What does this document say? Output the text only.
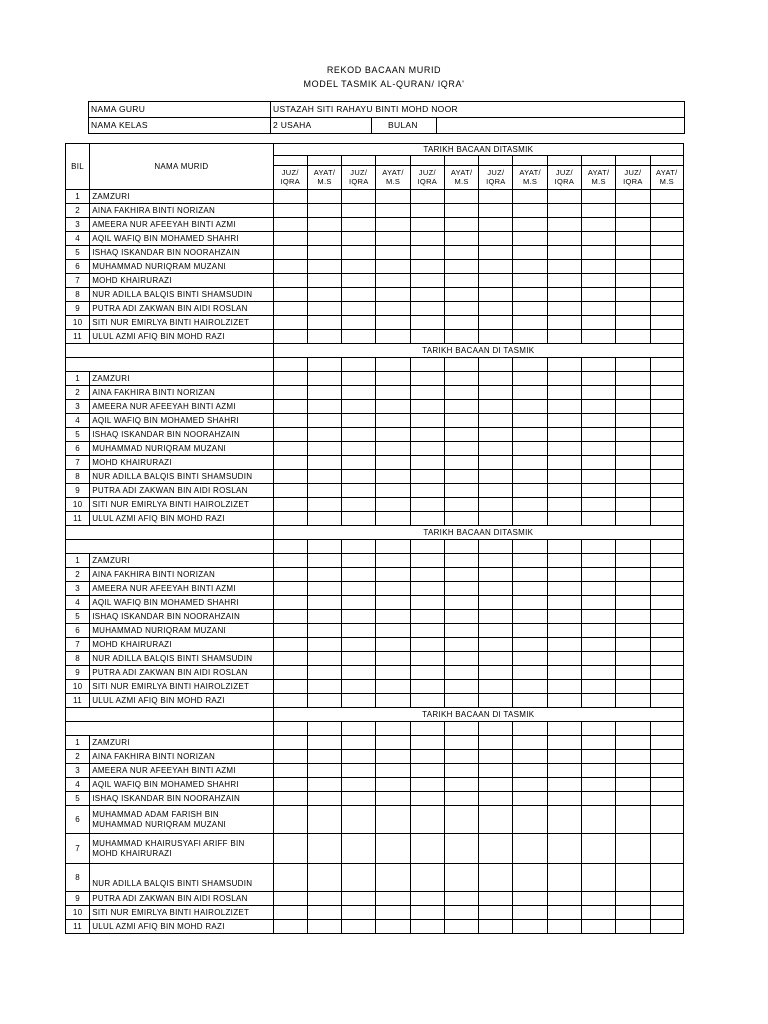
REKOD BACAAN MURID
MODEL TASMIK AL-QURAN/ IQRA'
NAMA GURU	USTAZAH SITI RAHAYU BINTI MOHD NOOR		
NAMA KELAS	2 USAHA	BULAN	
BIL	NAMA MURID	TARIKH BACAAN DITASMIK											

		JUZ/ IQRA	AYAT/ M.S	JUZ/ IQRA	AYAT/ M.S	JUZ/ IQRA	AYAT/ M.S	JUZ/ IQRA	AYAT/ M.S	JUZ/ IQRA	AYAT/ M.S	JUZ/ IQRA	AYAT/ M.S
1	ZAMZURI												
2	AINA FAKHIRA BINTI NORIZAN												
3	AMEERA NUR AFEEYAH BINTI AZMI												
4	AQIL WAFIQ BIN MOHAMED SHAHRI												
5	ISHAQ ISKANDAR BIN NOORAHZAIN												
6	MUHAMMAD NURIQRAM MUZANI												
7	MOHD KHAIRURAZI												
8	NUR ADILLA BALQIS BINTI SHAMSUDIN												
9	PUTRA ADI ZAKWAN BIN AIDI ROSLAN												
10	SITI NUR EMIRLYA BINTI HAIROLZIZET												
11	ULUL AZMI AFIQ BIN MOHD RAZI												
		TARIKH BACAAN DI TASMIK											

1	ZAMZURI												
2	AINA FAKHIRA BINTI NORIZAN												
3	AMEERA NUR AFEEYAH BINTI AZMI												
4	AQIL WAFIQ BIN MOHAMED SHAHRI												
5	ISHAQ ISKANDAR BIN NOORAHZAIN												
6	MUHAMMAD NURIQRAM MUZANI												
7	MOHD KHAIRURAZI												
8	NUR ADILLA BALQIS BINTI SHAMSUDIN												
9	PUTRA ADI ZAKWAN BIN AIDI ROSLAN												
10	SITI NUR EMIRLYA BINTI HAIROLZIZET												
11	ULUL AZMI AFIQ BIN MOHD RAZI												
		TARIKH BACAAN DITASMIK											

1	ZAMZURI												
2	AINA FAKHIRA BINTI NORIZAN												
3	AMEERA NUR AFEEYAH BINTI AZMI												
4	AQIL WAFIQ BIN MOHAMED SHAHRI												
5	ISHAQ ISKANDAR BIN NOORAHZAIN												
6	MUHAMMAD NURIQRAM MUZANI												
7	MOHD KHAIRURAZI												
8	NUR ADILLA BALQIS BINTI SHAMSUDIN												
9	PUTRA ADI ZAKWAN BIN AIDI ROSLAN												
10	SITI NUR EMIRLYA BINTI HAIROLZIZET												
11	ULUL AZMI AFIQ BIN MOHD RAZI												
		TARIKH BACAAN DI TASMIK											

1	ZAMZURI												
2	AINA FAKHIRA BINTI NORIZAN												
3	AMEERA NUR AFEEYAH BINTI AZMI												
4	AQIL WAFIQ BIN MOHAMED SHAHRI												
5	ISHAQ ISKANDAR BIN NOORAHZAIN												
6	MUHAMMAD ADAM FARISH BIN MUHAMMAD NURIQRAM MUZANI												
7	MUHAMMAD KHAIRUSYAFI ARIFF BIN MOHD KHAIRURAZI												
8	NUR ADILLA BALQIS BINTI SHAMSUDIN												
9	PUTRA ADI ZAKWAN BIN AIDI ROSLAN												
10	SITI NUR EMIRLYA BINTI HAIROLZIZET												
11	ULUL AZMI AFIQ BIN MOHD RAZI												
